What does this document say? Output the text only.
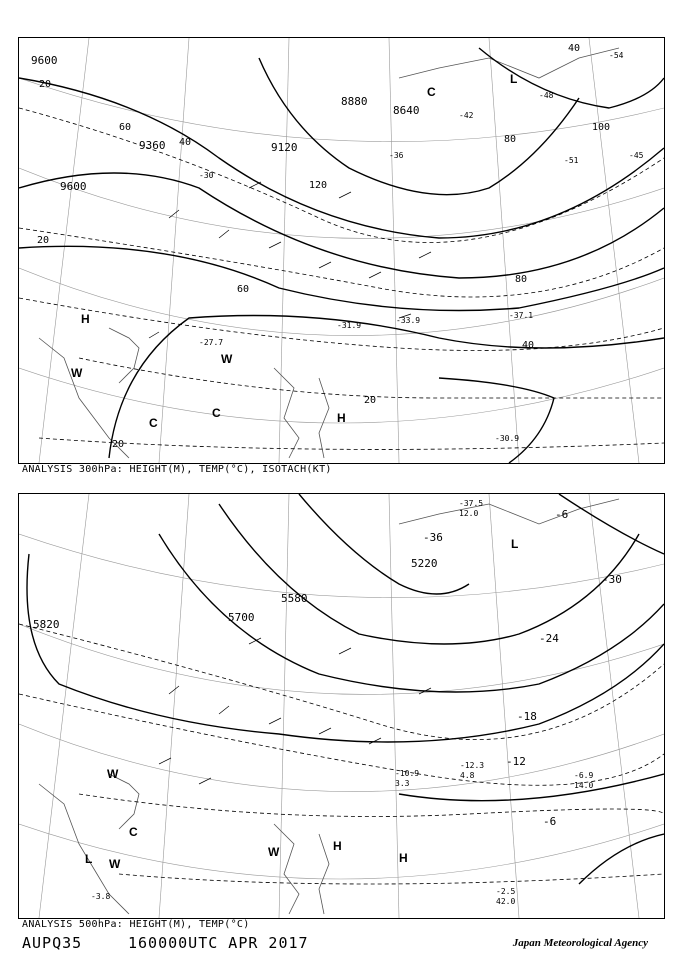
9600
9360	9120
8880
8640
9600
20
40
60
80
100
120
40
20
20
20
40
60
80
-30
-36
-42
-48
-54
-45
-51
-33.9
-31.9
-37.1
-30.9
-27.7
H
L
C
C
C
W
W
H
ANALYSIS 300hPa: HEIGHT(M), TEMP(°C), ISOTACH(KT)
5820
5700
5580
5220
-6
-12
-18
-24
-30
-36
-6
-2.5
42.0
-6.9
14.0
-10.9
3.3
-12.3
4.8
-3.8
-37.5
12.0
L
C
W
W
L	W	H
H
ANALYSIS 500hPa: HEIGHT(M), TEMP(°C)
AUPQ35	160000UTC APR 2017	Japan Meteorological Agency
